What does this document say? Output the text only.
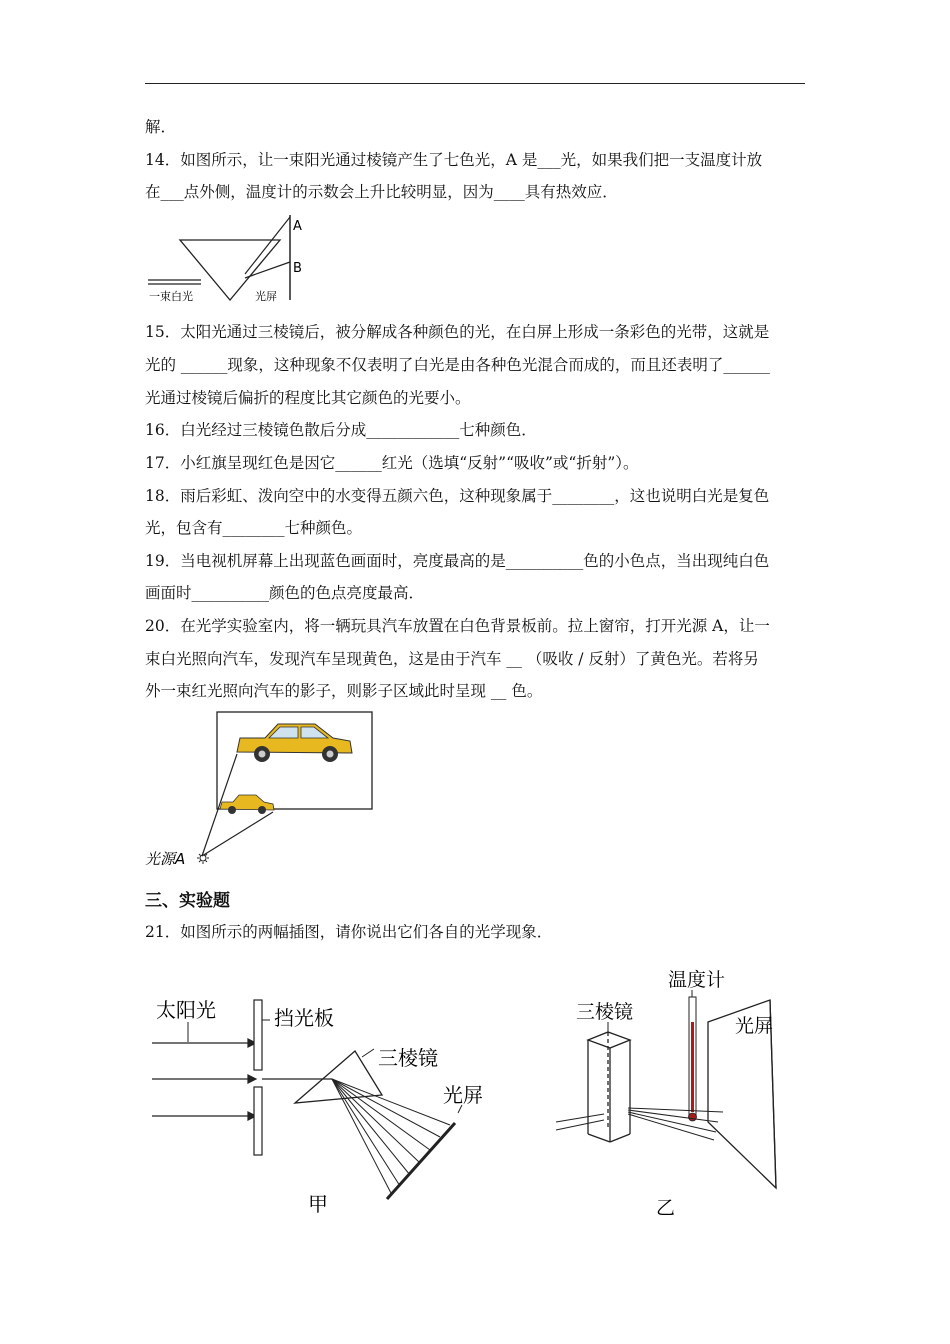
解．
14．如图所示，让一束阳光通过棱镜产生了七色光，A 是___光，如果我们把一支温度计放
在___点外侧，温度计的示数会上升比较明显，因为____具有热效应．
A
B
一束白光	光屏
15．太阳光通过三棱镜后，被分解成各种颜色的光，在白屏上形成一条彩色的光带，这就是
光的 ______现象，这种现象不仅表明了白光是由各种色光混合而成的，而且还表明了______
光通过棱镜后偏折的程度比其它颜色的光要小。
16．白光经过三棱镜色散后分成____________七种颜色．
17．小红旗呈现红色是因它______红光（选填“反射”“吸收”或“折射”）。
18．雨后彩虹、泼向空中的水变得五颜六色，这种现象属于________，这也说明白光是复色
光，包含有________七种颜色。
19．当电视机屏幕上出现蓝色画面时，亮度最高的是__________色的小色点，当出现纯白色
画面时__________颜色的色点亮度最高．
20．在光学实验室内，将一辆玩具汽车放置在白色背景板前。拉上窗帘，打开光源 A，让一
束白光照向汽车，发现汽车呈现黄色，这是由于汽车 __ （吸收 / 反射）了黄色光。若将另
外一束红光照向汽车的影子，则影子区域此时呈现 __ 色。
光源A
三、实验题
21．如图所示的两幅插图，请你说出它们各自的光学现象．
太阳光	挡光板
三棱镜
光屏
甲
温度计
三棱镜
光屏
乙
